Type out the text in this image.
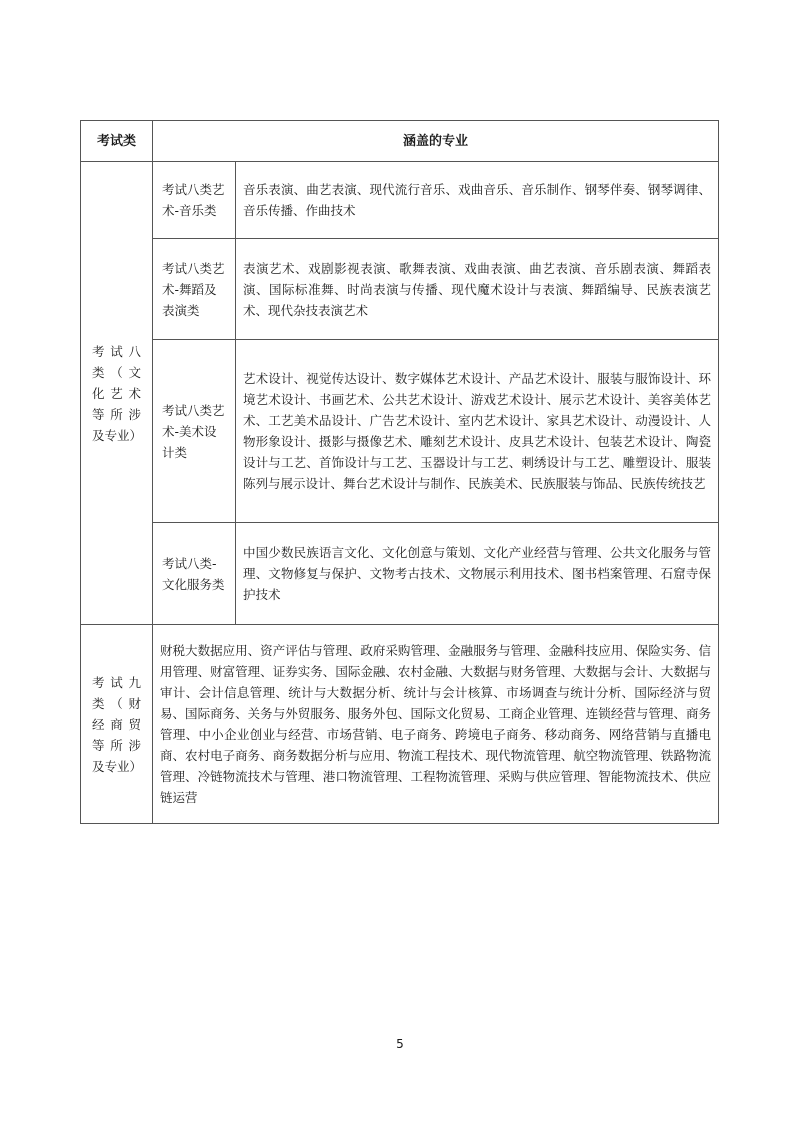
考试类	涵盖的专业	
考试八类（文化艺术等所涉及专业）	考试八类艺术-音乐类	音乐表演、曲艺表演、现代流行音乐、戏曲音乐、音乐制作、钢琴伴奏、钢琴调律、音乐传播、作曲技术
	考试八类艺术-舞蹈及表演类	表演艺术、戏剧影视表演、歌舞表演、戏曲表演、曲艺表演、音乐剧表演、舞蹈表演、国际标准舞、时尚表演与传播、现代魔术设计与表演、舞蹈编导、民族表演艺术、现代杂技表演艺术
	考试八类艺术-美术设计类	艺术设计、视觉传达设计、数字媒体艺术设计、产品艺术设计、服装与服饰设计、环境艺术设计、书画艺术、公共艺术设计、游戏艺术设计、展示艺术设计、美容美体艺术、工艺美术品设计、广告艺术设计、室内艺术设计、家具艺术设计、动漫设计、人物形象设计、摄影与摄像艺术、雕刻艺术设计、皮具艺术设计、包装艺术设计、陶瓷设计与工艺、首饰设计与工艺、玉器设计与工艺、刺绣设计与工艺、雕塑设计、服装陈列与展示设计、舞台艺术设计与制作、民族美术、民族服装与饰品、民族传统技艺
	考试八类-文化服务类	中国少数民族语言文化、文化创意与策划、文化产业经营与管理、公共文化服务与管理、文物修复与保护、文物考古技术、文物展示利用技术、图书档案管理、石窟寺保护技术
考试九类（财经商贸等所涉及专业）	财税大数据应用、资产评估与管理、政府采购管理、金融服务与管理、金融科技应用、保险实务、信用管理、财富管理、证券实务、国际金融、农村金融、大数据与财务管理、大数据与会计、大数据与审计、会计信息管理、统计与大数据分析、统计与会计核算、市场调查与统计分析、国际经济与贸易、国际商务、关务与外贸服务、服务外包、国际文化贸易、工商企业管理、连锁经营与管理、商务管理、中小企业创业与经营、市场营销、电子商务、跨境电子商务、移动商务、网络营销与直播电商、农村电子商务、商务数据分析与应用、物流工程技术、现代物流管理、航空物流管理、铁路物流管理、冷链物流技术与管理、港口物流管理、工程物流管理、采购与供应管理、智能物流技术、供应链运营	
5
